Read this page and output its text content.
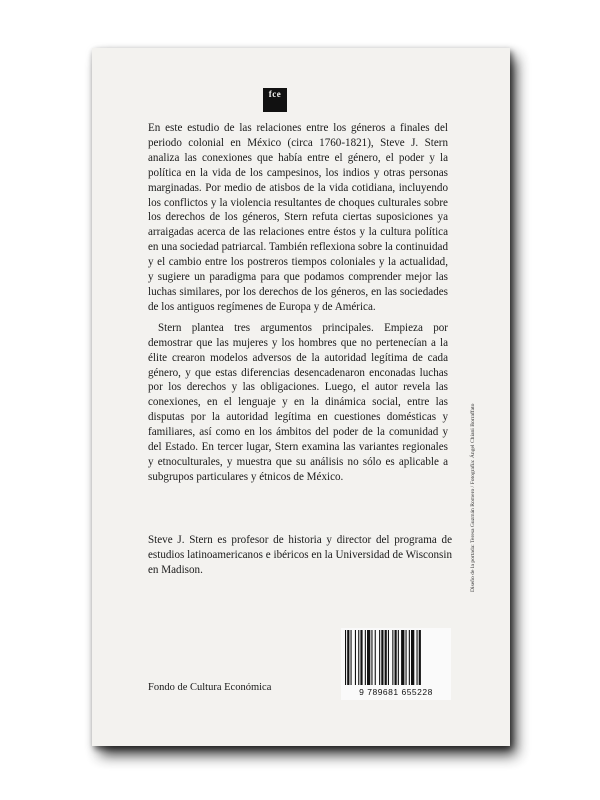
fce

En este estudio de las relaciones entre los géneros a finales del periodo colonial en México (circa 1760-1821), Steve J. Stern analiza las conexiones que había entre el género, el poder y la política en la vida de los campesinos, los indios y otras personas marginadas. Por medio de atisbos de la vida cotidiana, incluyendo los conflictos y la violencia resultantes de choques culturales sobre los derechos de los géneros, Stern refuta ciertas suposiciones ya arraigadas acerca de las relaciones entre éstos y la cultura política en una sociedad patriarcal. También reflexiona sobre la continuidad y el cambio entre los postreros tiempos coloniales y la actualidad, y sugiere un paradigma para que podamos comprender mejor las luchas similares, por los derechos de los géneros, en las sociedades de los antiguos regímenes de Europa y de América.

Stern plantea tres argumentos principales. Empieza por demostrar que las mujeres y los hombres que no pertenecían a la élite crearon modelos adversos de la autoridad legítima de cada género, y que estas diferencias desencadenaron enconadas luchas por los derechos y las obligaciones. Luego, el autor revela las conexiones, en el lenguaje y en la dinámica social, entre las disputas por la autoridad legítima en cuestiones domésticas y familiares, así como en los ámbitos del poder de la comunidad y del Estado. En tercer lugar, Stern examina las variantes regionales y etnoculturales, y muestra que su análisis no sólo es aplicable a subgrupos particulares y étnicos de México.

Steve J. Stern es profesor de historia y director del programa de estudios latinoamericanos e ibéricos en la Universidad de Wisconsin en Madison.	Diseño de la portada: Teresa Guzmán Romero / Fotografía: Ángel Chiani Borraffato
Fondo de Cultura Económica	9 789681 655228
